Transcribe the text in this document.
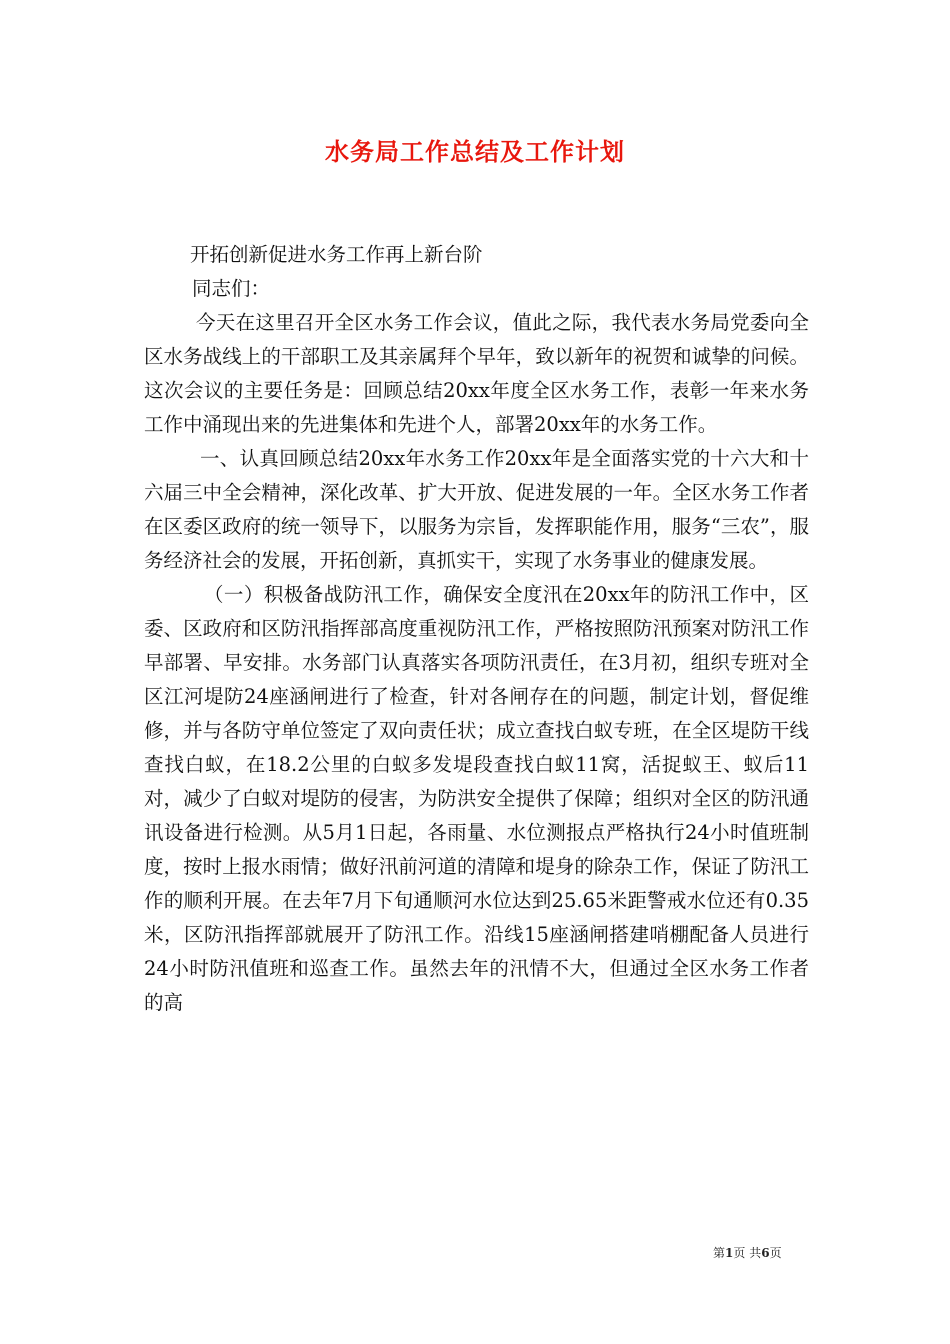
水务局工作总结及工作计划

开拓创新促进水务工作再上新台阶

同志们：

今天在这里召开全区水务工作会议，值此之际，我代表水务局党委向全区水务战线上的干部职工及其亲属拜个早年，致以新年的祝贺和诚挚的问候。这次会议的主要任务是：回顾总结20xx年度全区水务工作，表彰一年来水务工作中涌现出来的先进集体和先进个人，部署20xx年的水务工作。

一、认真回顾总结20xx年水务工作20xx年是全面落实党的十六大和十六届三中全会精神，深化改革、扩大开放、促进发展的一年。全区水务工作者在区委区政府的统一领导下，以服务为宗旨，发挥职能作用，服务“三农”，服务经济社会的发展，开拓创新，真抓实干，实现了水务事业的健康发展。

（一）积极备战防汛工作，确保安全度汛在20xx年的防汛工作中，区委、区政府和区防汛指挥部高度重视防汛工作，严格按照防汛预案对防汛工作早部署、早安排。水务部门认真落实各项防汛责任，在3月初，组织专班对全区江河堤防24座涵闸进行了检查，针对各闸存在的问题，制定计划，督促维修，并与各防守单位签定了双向责任状；成立查找白蚁专班，在全区堤防干线查找白蚁，在18.2公里的白蚁多发堤段查找白蚁11窝，活捉蚁王、蚁后11对，减少了白蚁对堤防的侵害，为防洪安全提供了保障；组织对全区的防汛通讯设备进行检测。从5月1日起，各雨量、水位测报点严格执行24小时值班制度，按时上报水雨情；做好汛前河道的清障和堤身的除杂工作，保证了防汛工作的顺利开展。在去年7月下旬通顺河水位达到25.65米距警戒水位还有0.35米，区防汛指挥部就展开了防汛工作。沿线15座涵闸搭建哨棚配备人员进行24小时防汛值班和巡查工作。虽然去年的汛情不大，但通过全区水务工作者的高

第1页 共6页
